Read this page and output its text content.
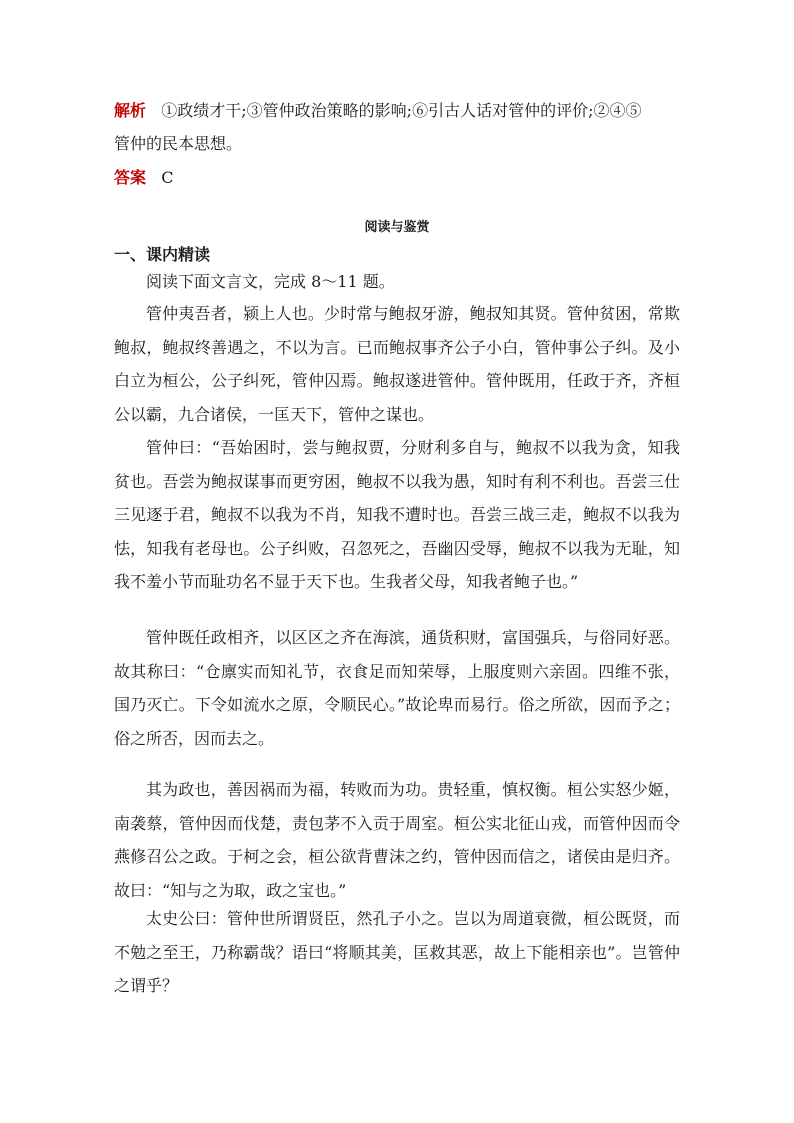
解析 ①政绩才干;③管仲政治策略的影响;⑥引古人话对管仲的评价;②④⑤
管仲的民本思想。
答案 C
阅读与鉴赏
一、课内精读
阅读下面文言文，完成 8～11 题。
管仲夷吾者，颍上人也。少时常与鲍叔牙游，鲍叔知其贤。管仲贫困，常欺鲍叔，鲍叔终善遇之，不以为言。已而鲍叔事齐公子小白，管仲事公子纠。及小白立为桓公，公子纠死，管仲囚焉。鲍叔遂进管仲。管仲既用，任政于齐，齐桓公以霸，九合诸侯，一匡天下，管仲之谋也。
管仲曰：“吾始困时，尝与鲍叔贾，分财利多自与，鲍叔不以我为贪，知我贫也。吾尝为鲍叔谋事而更穷困，鲍叔不以我为愚，知时有利不利也。吾尝三仕三见逐于君，鲍叔不以我为不肖，知我不遭时也。吾尝三战三走，鲍叔不以我为怯，知我有老母也。公子纠败，召忽死之，吾幽囚受辱，鲍叔不以我为无耻，知我不羞小节而耻功名不显于天下也。生我者父母，知我者鲍子也。”
管仲既任政相齐，以区区之齐在海滨，通货积财，富国强兵，与俗同好恶。故其称曰：“仓廪实而知礼节，衣食足而知荣辱，上服度则六亲固。四维不张，国乃灭亡。下令如流水之原，令顺民心。”故论卑而易行。俗之所欲，因而予之；俗之所否，因而去之。
其为政也，善因祸而为福，转败而为功。贵轻重，慎权衡。桓公实怒少姬，南袭蔡，管仲因而伐楚，责包茅不入贡于周室。桓公实北征山戎，而管仲因而令燕修召公之政。于柯之会，桓公欲背曹沫之约，管仲因而信之，诸侯由是归齐。故曰：“知与之为取，政之宝也。”
太史公曰：管仲世所谓贤臣，然孔子小之。岂以为周道衰微，桓公既贤，而不勉之至王，乃称霸哉？语曰“将顺其美，匡救其恶，故上下能相亲也”。岂管仲之谓乎？
